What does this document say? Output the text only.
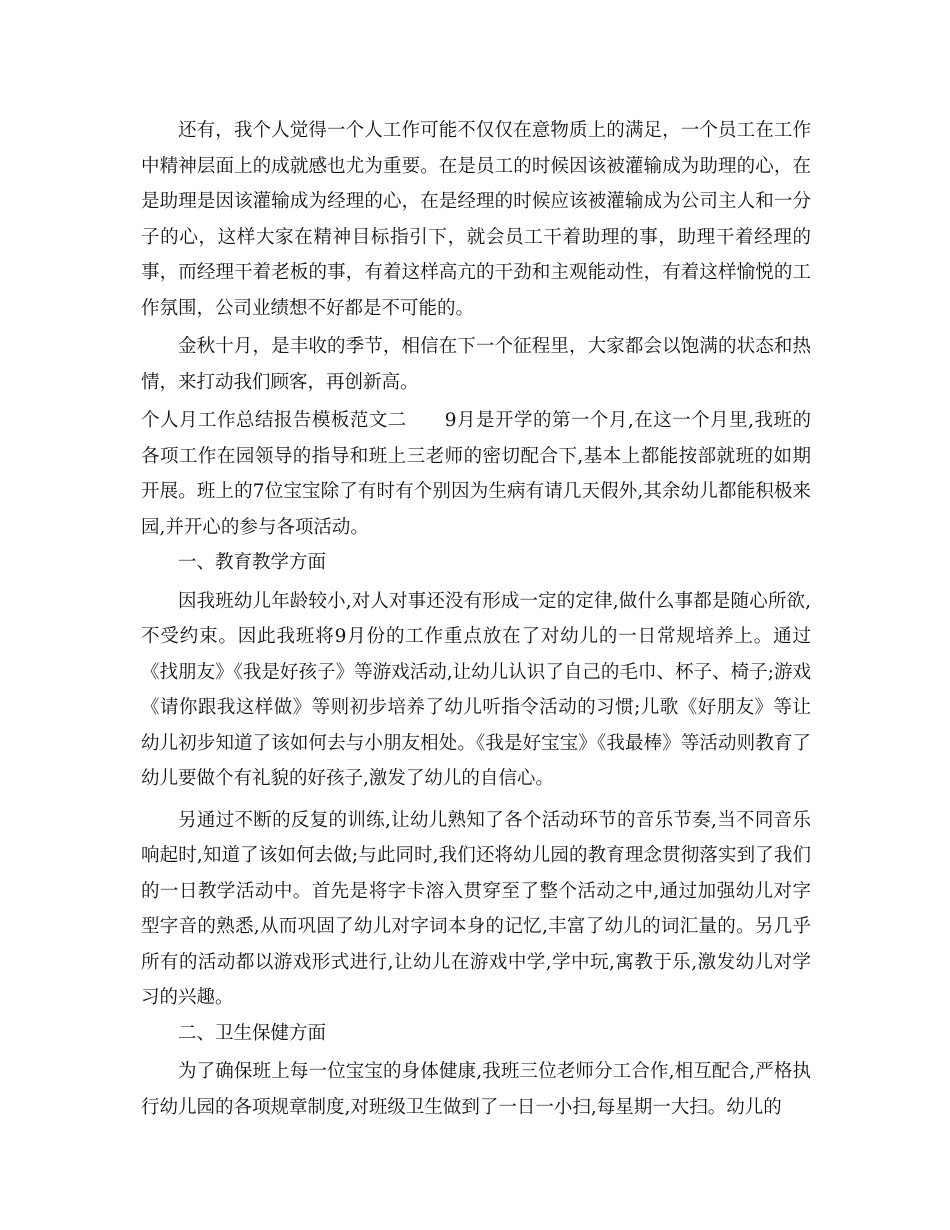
还有，我个人觉得一个人工作可能不仅仅在意物质上的满足，一个员工在工作中精神层面上的成就感也尤为重要。在是员工的时候因该被灌输成为助理的心，在是助理是因该灌输成为经理的心，在是经理的时候应该被灌输成为公司主人和一分子的心，这样大家在精神目标指引下，就会员工干着助理的事，助理干着经理的事，而经理干着老板的事，有着这样高亢的干劲和主观能动性，有着这样愉悦的工作氛围，公司业绩想不好都是不可能的。

金秋十月，是丰收的季节，相信在下一个征程里，大家都会以饱满的状态和热情，来打动我们顾客，再创新高。

个人月工作总结报告模板范文二　　9月是开学的第一个月,在这一个月里,我班的各项工作在园领导的指导和班上三老师的密切配合下,基本上都能按部就班的如期开展。班上的7位宝宝除了有时有个别因为生病有请几天假外,其余幼儿都能积极来园,并开心的参与各项活动。

一、教育教学方面

因我班幼儿年龄较小,对人对事还没有形成一定的定律,做什么事都是随心所欲,不受约束。因此我班将9月份的工作重点放在了对幼儿的一日常规培养上。通过《找朋友》《我是好孩子》等游戏活动,让幼儿认识了自己的毛巾、杯子、椅子;游戏《请你跟我这样做》等则初步培养了幼儿听指令活动的习惯;儿歌《好朋友》等让幼儿初步知道了该如何去与小朋友相处。《我是好宝宝》《我最棒》等活动则教育了幼儿要做个有礼貌的好孩子,激发了幼儿的自信心。

另通过不断的反复的训练,让幼儿熟知了各个活动环节的音乐节奏,当不同音乐响起时,知道了该如何去做;与此同时,我们还将幼儿园的教育理念贯彻落实到了我们的一日教学活动中。首先是将字卡溶入贯穿至了整个活动之中,通过加强幼儿对字型字音的熟悉,从而巩固了幼儿对字词本身的记忆,丰富了幼儿的词汇量的。另几乎所有的活动都以游戏形式进行,让幼儿在游戏中学,学中玩,寓教于乐,激发幼儿对学习的兴趣。

二、卫生保健方面

为了确保班上每一位宝宝的身体健康,我班三位老师分工合作,相互配合,严格执行幼儿园的各项规章制度,对班级卫生做到了一日一小扫,每星期一大扫。幼儿的
